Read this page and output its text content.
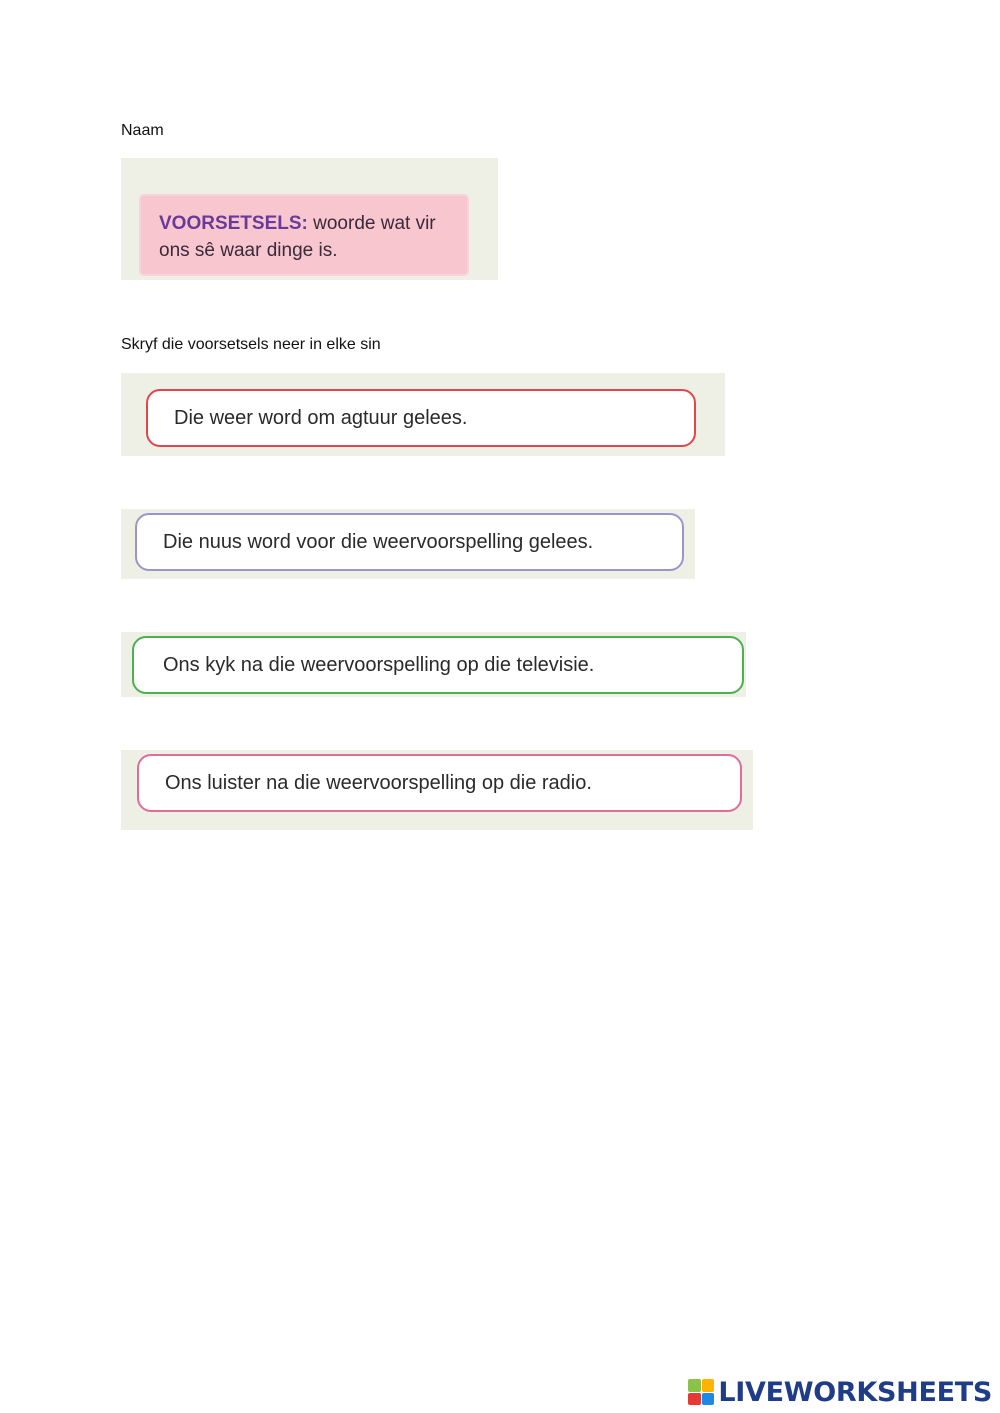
Naam
VOORSETSELS: woorde wat vir ons sê waar dinge is.
Skryf die voorsetsels neer in elke sin
Die weer word om agtuur gelees.
Die nuus word voor die weervoorspelling gelees.
Ons kyk na die weervoorspelling op die televisie.
Ons luister na die weervoorspelling op die radio.
LIVEWORKSHEETS
